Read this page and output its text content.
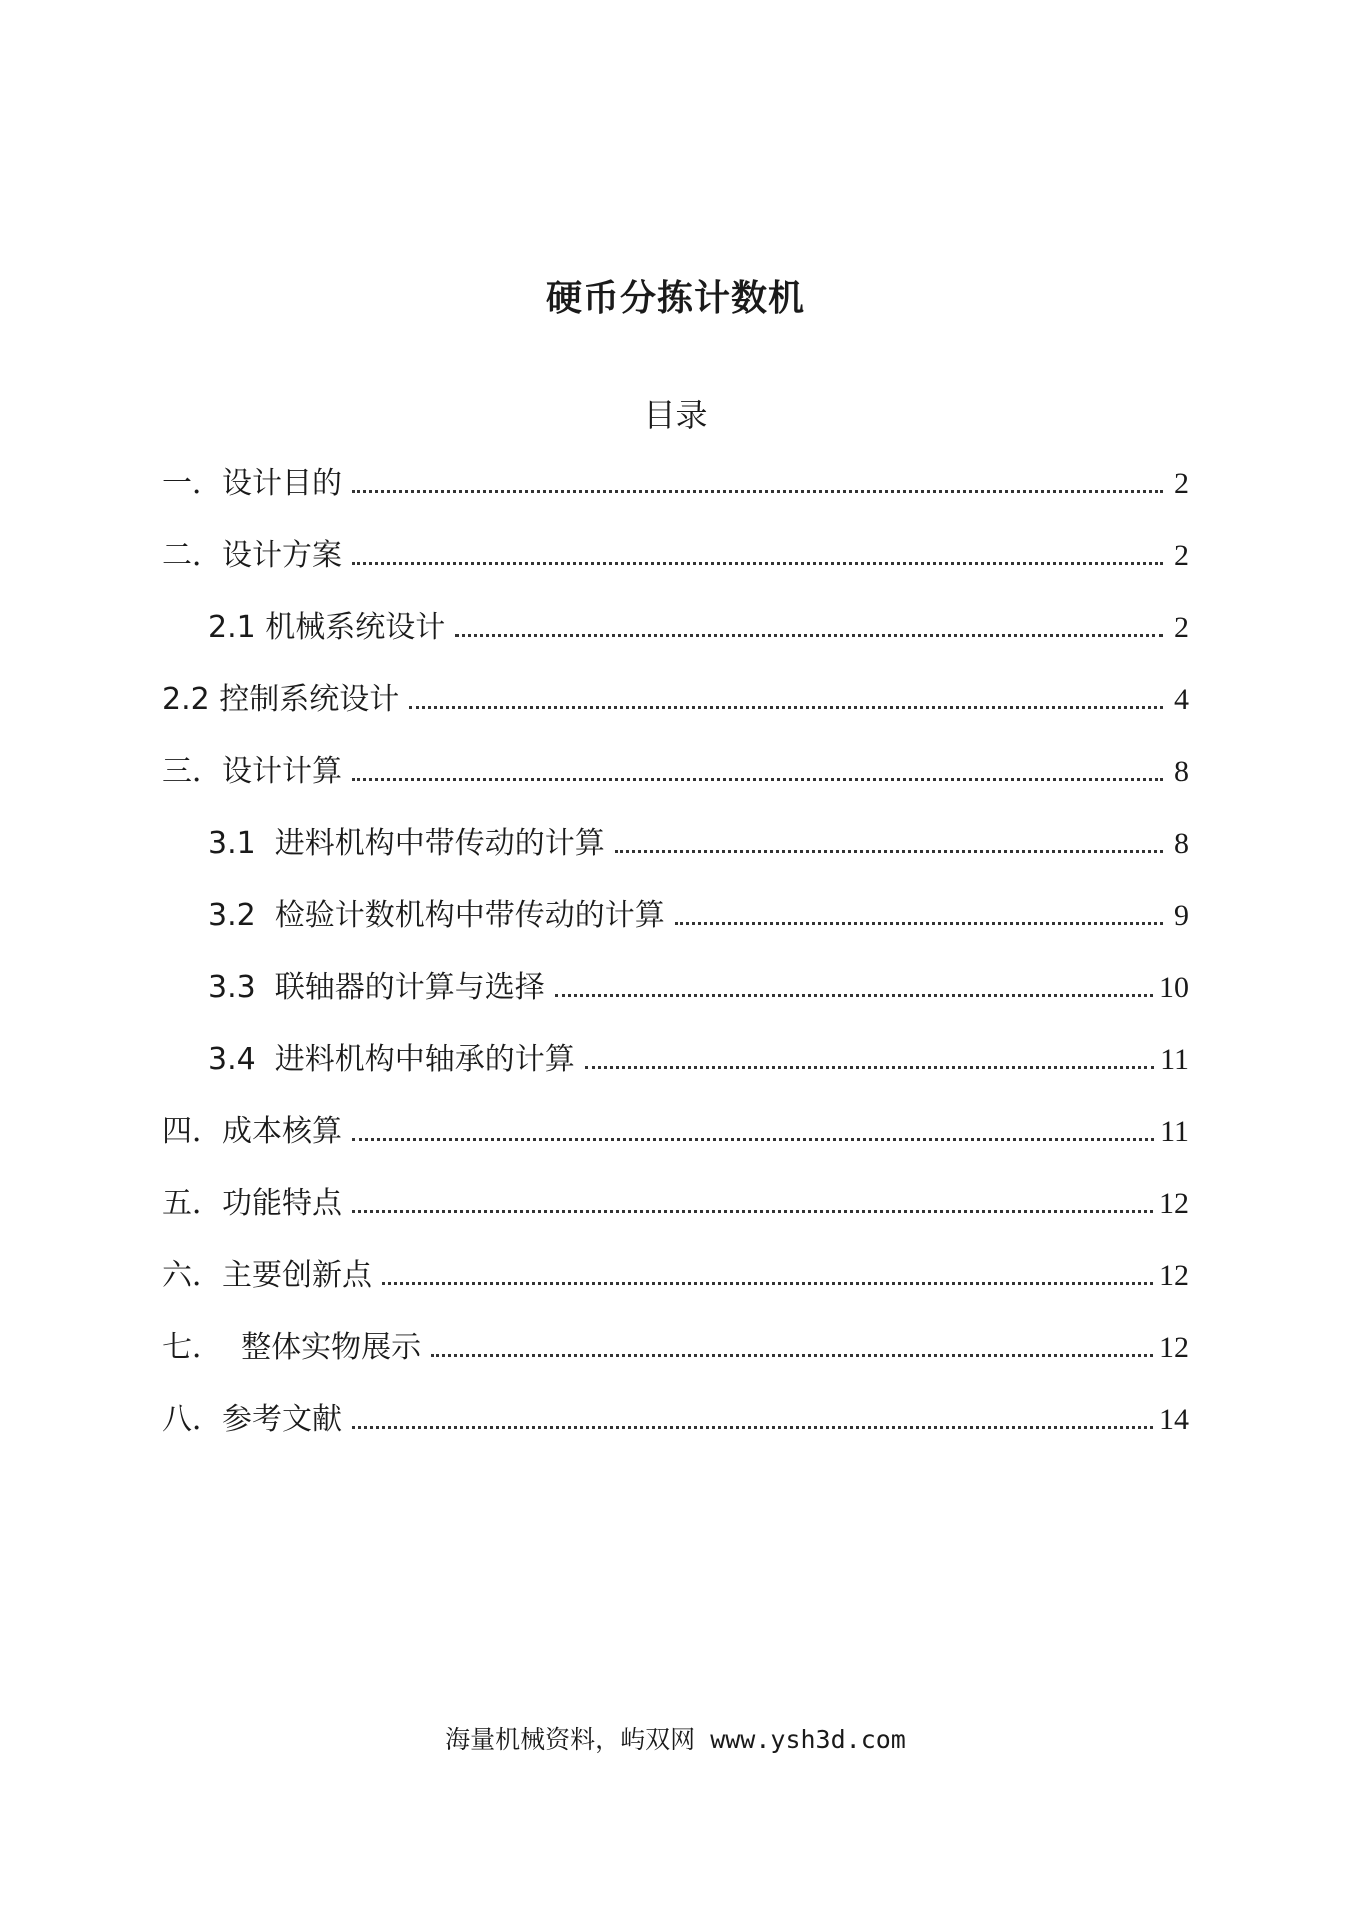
硬币分拣计数机
目录
一．设计目的	2
二．设计方案	2
2.1 机械系统设计	2
2.2 控制系统设计	4
三．设计计算	8
3.1  进料机构中带传动的计算	8
3.2  检验计数机构中带传动的计算	9
3.3  联轴器的计算与选择	10
3.4  进料机构中轴承的计算	11
四．成本核算	11
五．功能特点	12
六．主要创新点	12
七．  整体实物展示	12
八．参考文献	14
海量机械资料，屿双网 www.ysh3d.com
